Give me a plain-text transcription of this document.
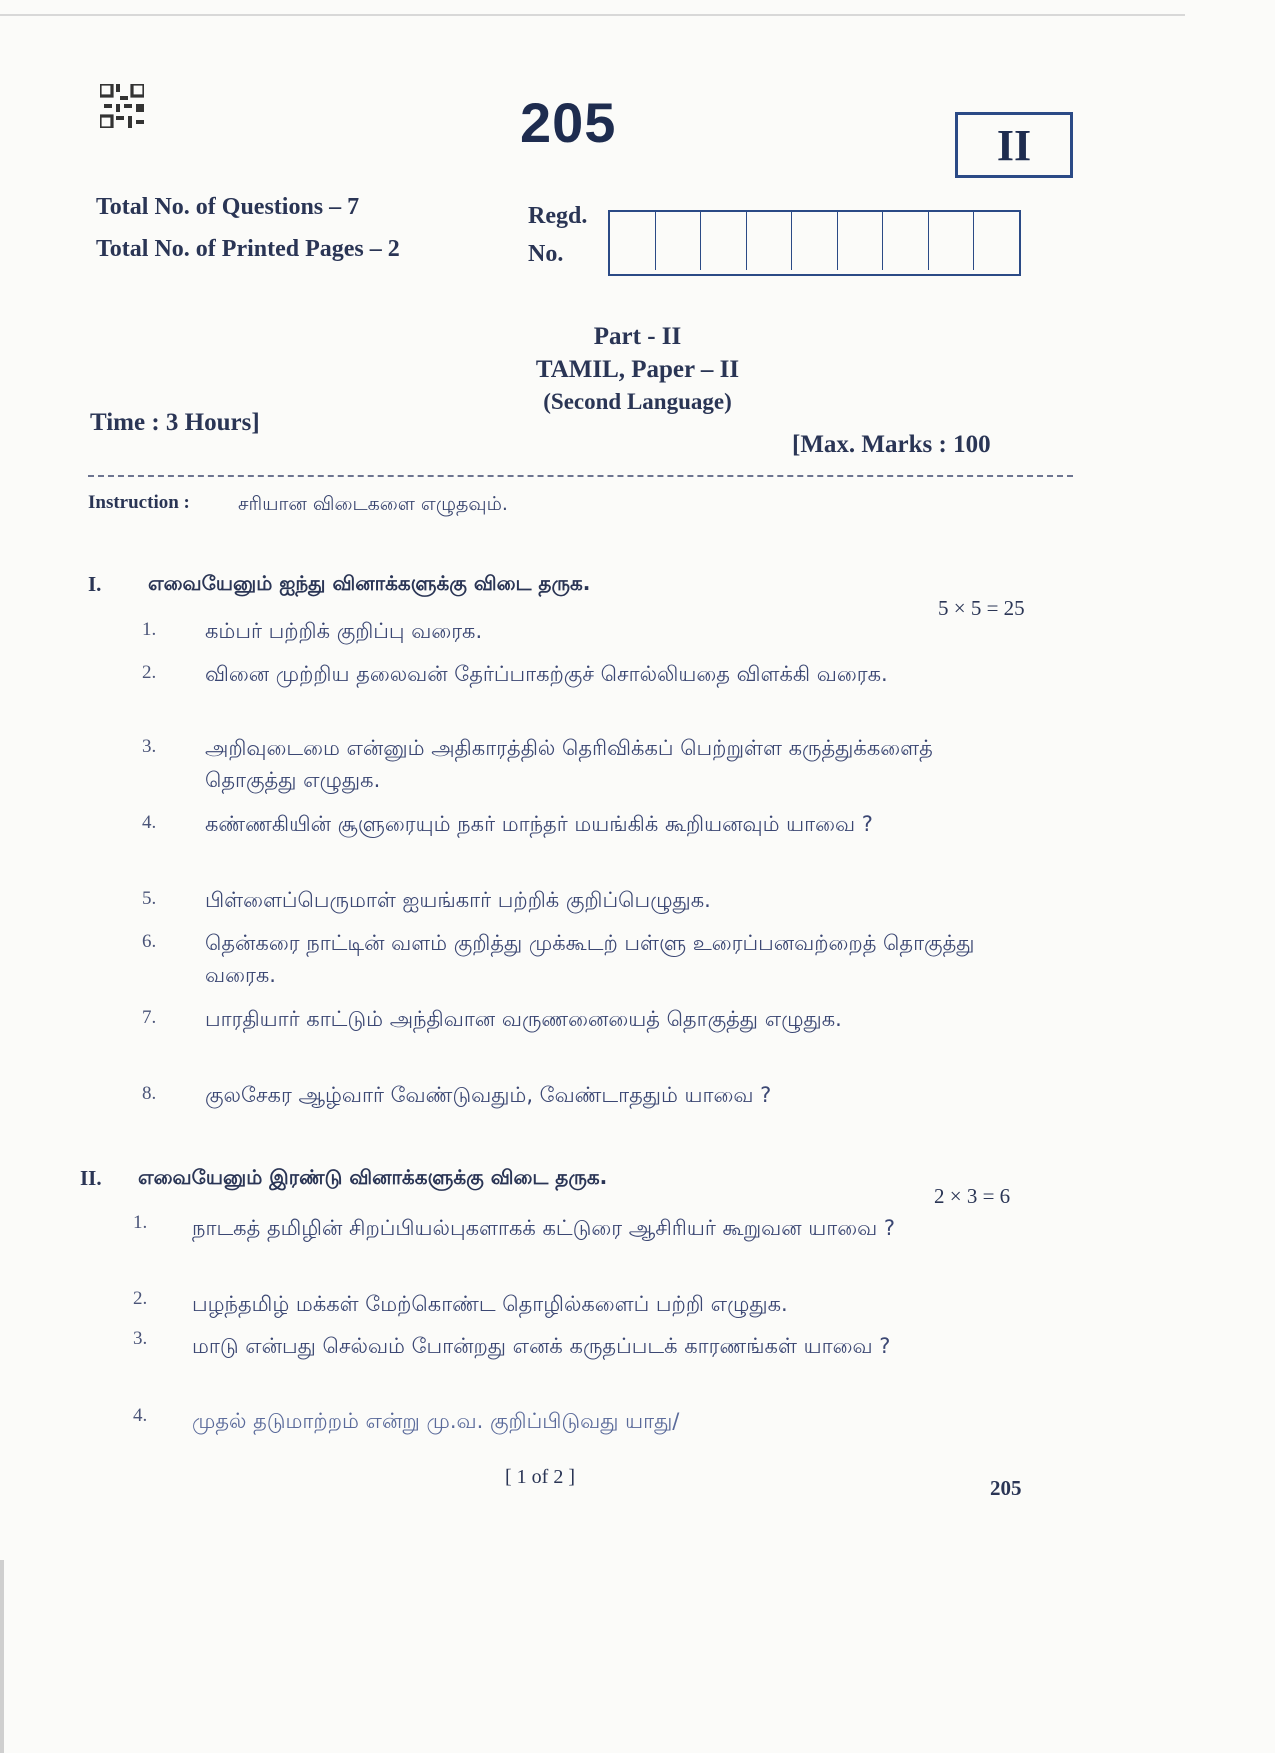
205	II
Total No. of Questions – 7
Total No. of Printed Pages – 2
Regd.
No.
Part - II
TAMIL, Paper – II
(Second Language)
Time : 3 Hours]
[Max. Marks : 100
Instruction :	சரியான விடைகளை எழுதவும்.
I. எவையேனும் ஐந்து வினாக்களுக்கு விடை தருக.
5 × 5 = 25
1. கம்பர் பற்றிக் குறிப்பு வரைக.
2. வினை முற்றிய தலைவன் தேர்ப்பாகற்குச் சொல்லியதை விளக்கி வரைக.
3. அறிவுடைமை என்னும் அதிகாரத்தில் தெரிவிக்கப் பெற்றுள்ள கருத்துக்களைத் தொகுத்து எழுதுக.
4. கண்ணகியின் சூளுரையும் நகர் மாந்தர் மயங்கிக் கூறியனவும் யாவை ?
5. பிள்ளைப்பெருமாள் ஐயங்கார் பற்றிக் குறிப்பெழுதுக.
6. தென்கரை நாட்டின் வளம் குறித்து முக்கூடற் பள்ளு உரைப்பனவற்றைத் தொகுத்து வரைக.
7. பாரதியார் காட்டும் அந்திவான வருணனையைத் தொகுத்து எழுதுக.
8. குலசேகர ஆழ்வார் வேண்டுவதும், வேண்டாததும் யாவை ?
II. எவையேனும் இரண்டு வினாக்களுக்கு விடை தருக.
2 × 3 = 6
1. நாடகத் தமிழின் சிறப்பியல்புகளாகக் கட்டுரை ஆசிரியர் கூறுவன யாவை ?
2. பழந்தமிழ் மக்கள் மேற்கொண்ட தொழில்களைப் பற்றி எழுதுக.
3. மாடு என்பது செல்வம் போன்றது எனக் கருதப்படக் காரணங்கள் யாவை ?
4. முதல் தடுமாற்றம் என்று மு.வ. குறிப்பிடுவது யாது/
[ 1 of 2 ]	205
